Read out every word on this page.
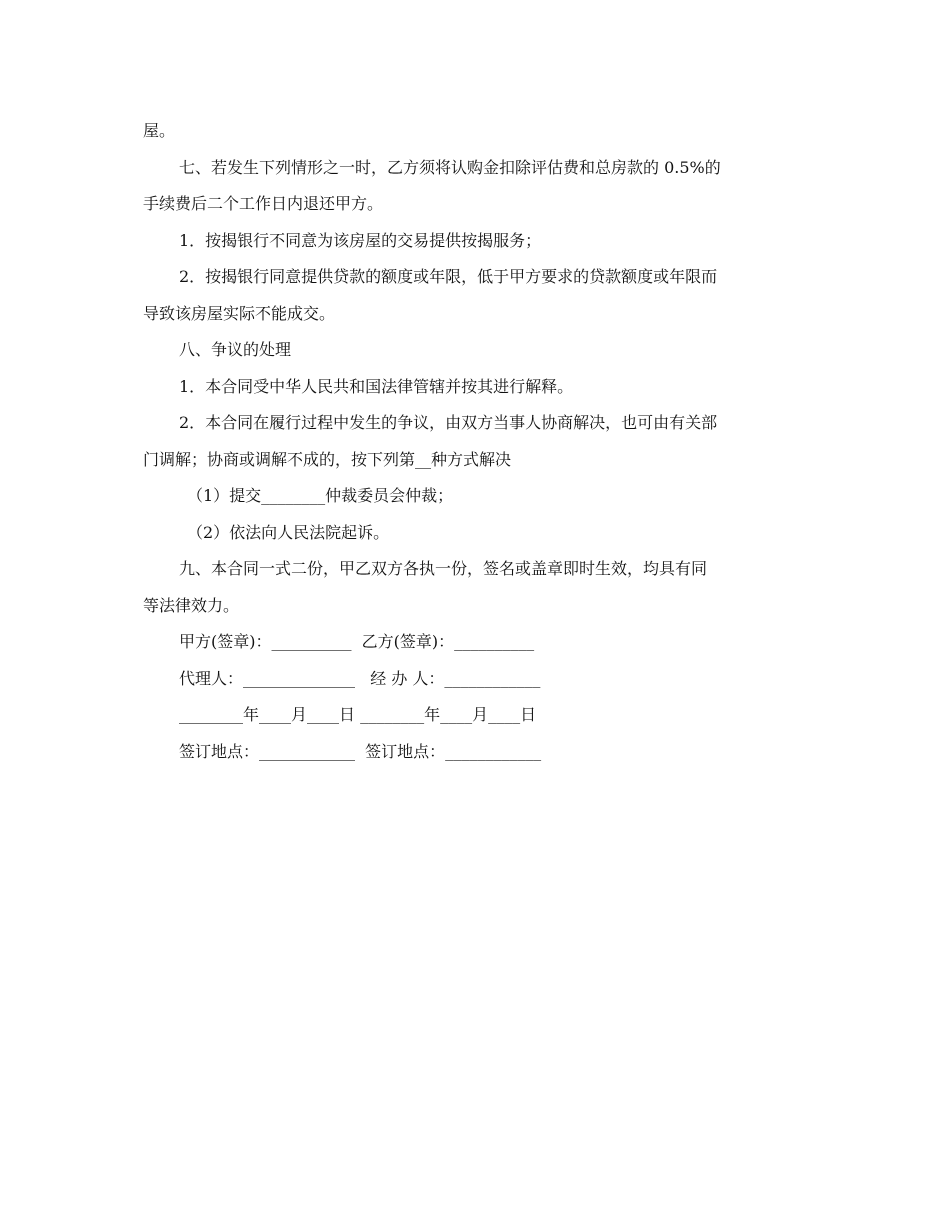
屋。

七、若发生下列情形之一时，乙方须将认购金扣除评估费和总房款的 0.5%的

手续费后二个工作日内退还甲方。

1．按揭银行不同意为该房屋的交易提供按揭服务；

2．按揭银行同意提供贷款的额度或年限，低于甲方要求的贷款额度或年限而

导致该房屋实际不能成交。

八、争议的处理

1．本合同受中华人民共和国法律管辖并按其进行解释。

2．本合同在履行过程中发生的争议，由双方当事人协商解决，也可由有关部

门调解；协商或调解不成的，按下列第__种方式解决

（1）提交________仲裁委员会仲裁；

（2）依法向人民法院起诉。

九、本合同一式二份，甲乙双方各执一份，签名或盖章即时生效，均具有同

等法律效力。

甲方(签章)：__________  乙方(签章)：__________

代理人：______________   经 办 人：____________

________年____月____日 ________年____月____日

签订地点：____________  签订地点：____________
